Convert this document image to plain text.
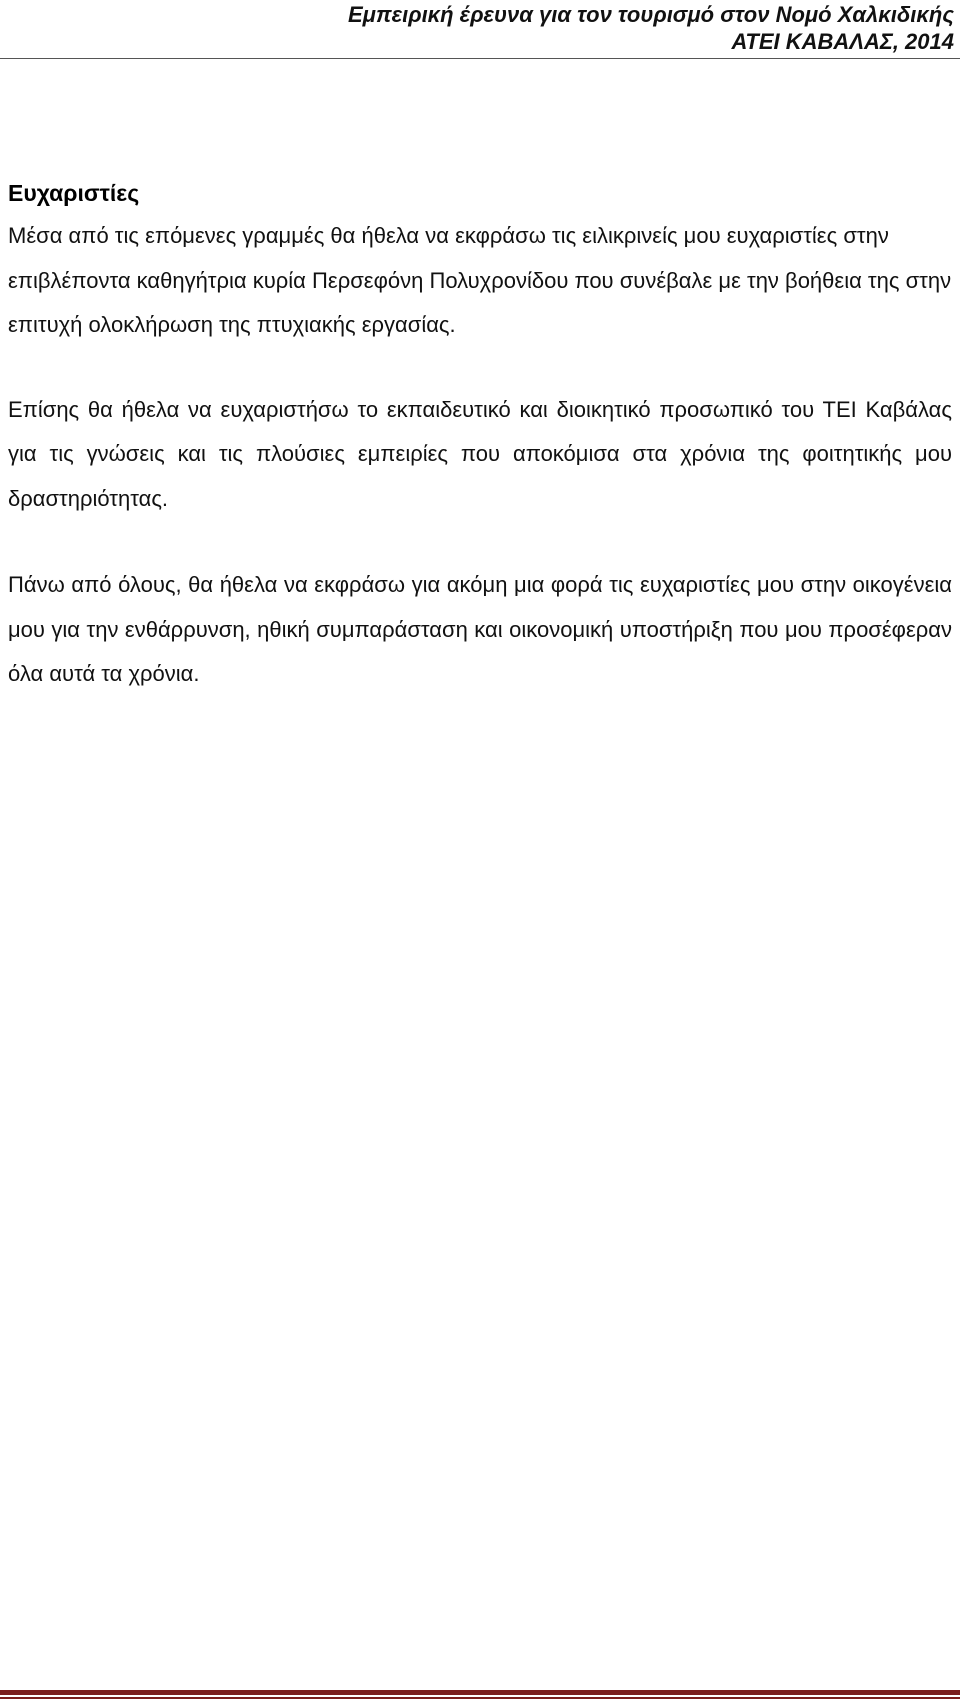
Εμπειρική έρευνα για τον τουρισμό στον Νομό Χαλκιδικής
ΑΤΕΙ ΚΑΒΑΛΑΣ, 2014
Ευχαριστίες

Μέσα από τις επόμενες γραμμές θα ήθελα να εκφράσω τις ειλικρινείς μου ευχαριστίες στην επιβλέποντα καθηγήτρια κυρία Περσεφόνη Πολυχρονίδου που συνέβαλε με την βοήθεια της στην επιτυχή ολοκλήρωση της πτυχιακής εργασίας.

Επίσης θα ήθελα να ευχαριστήσω το εκπαιδευτικό και διοικητικό προσωπικό του ΤΕΙ Καβάλας για τις γνώσεις και τις πλούσιες εμπειρίες που αποκόμισα στα χρόνια της φοιτητικής μου δραστηριότητας.

Πάνω από όλους, θα ήθελα να εκφράσω για ακόμη μια φορά τις ευχαριστίες μου στην οικογένεια μου για την ενθάρρυνση, ηθική συμπαράσταση και οικονομική υποστήριξη που μου προσέφεραν όλα αυτά τα χρόνια.
